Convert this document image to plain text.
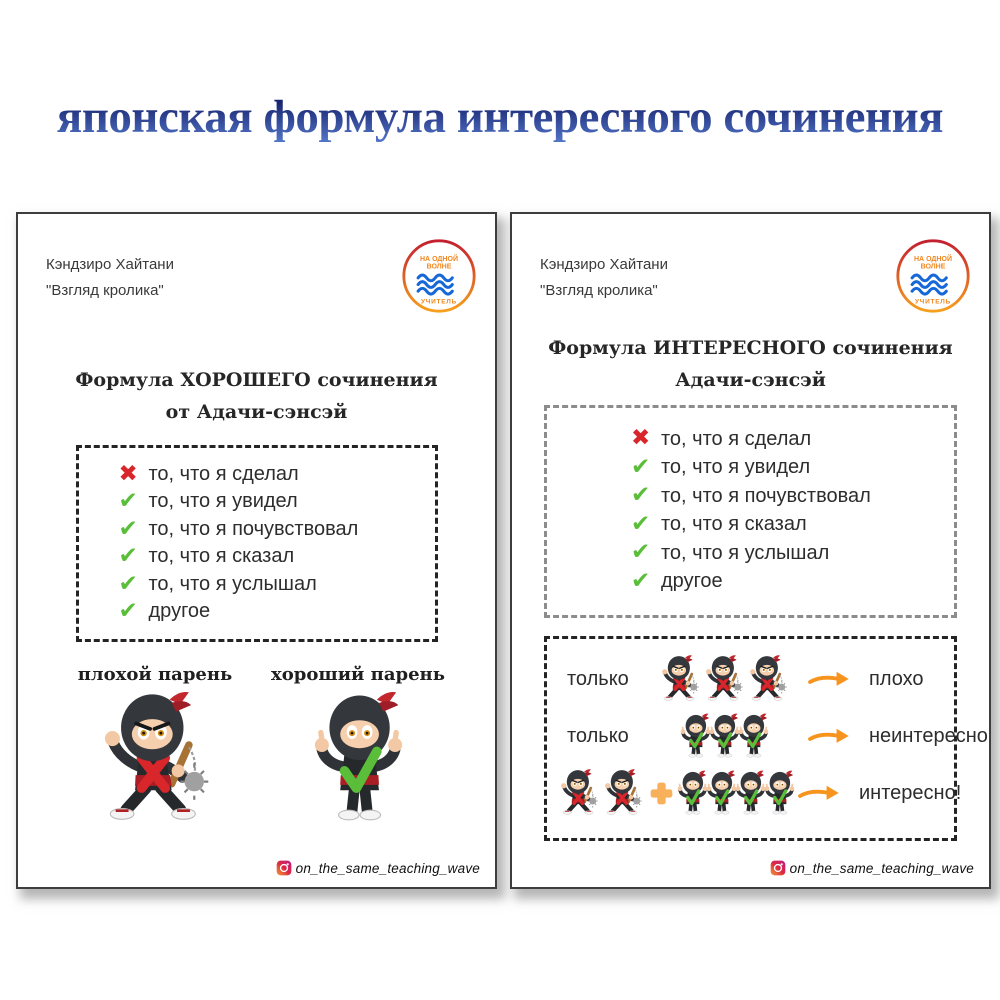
японская формула интересного сочинения
Кэндзиро Хайтани
"Взгляд кролика"
НА ОДНОЙ
ВОЛНЕ
УЧИТЕЛЬ
Формула ХОРОШЕГО сочинения
от Адачи-сэнсэй
✖ то, что я сделал
✔ то, что я увидел
✔ то, что я почувствовал
✔ то, что я сказал
✔ то, что я услышал
✔ другое
плохой парень	хороший парень
on_the_same_teaching_wave
Кэндзиро Хайтани
"Взгляд кролика"
НА ОДНОЙ
ВОЛНЕ
УЧИТЕЛЬ
Формула ИНТЕРЕСНОГО сочинения
Адачи-сэнсэй
✖ то, что я сделал
✔ то, что я увидел
✔ то, что я почувствовал
✔ то, что я сказал
✔ то, что я услышал
✔ другое
только	плохо
только	неинтересно
интересно!
on_the_same_teaching_wave
